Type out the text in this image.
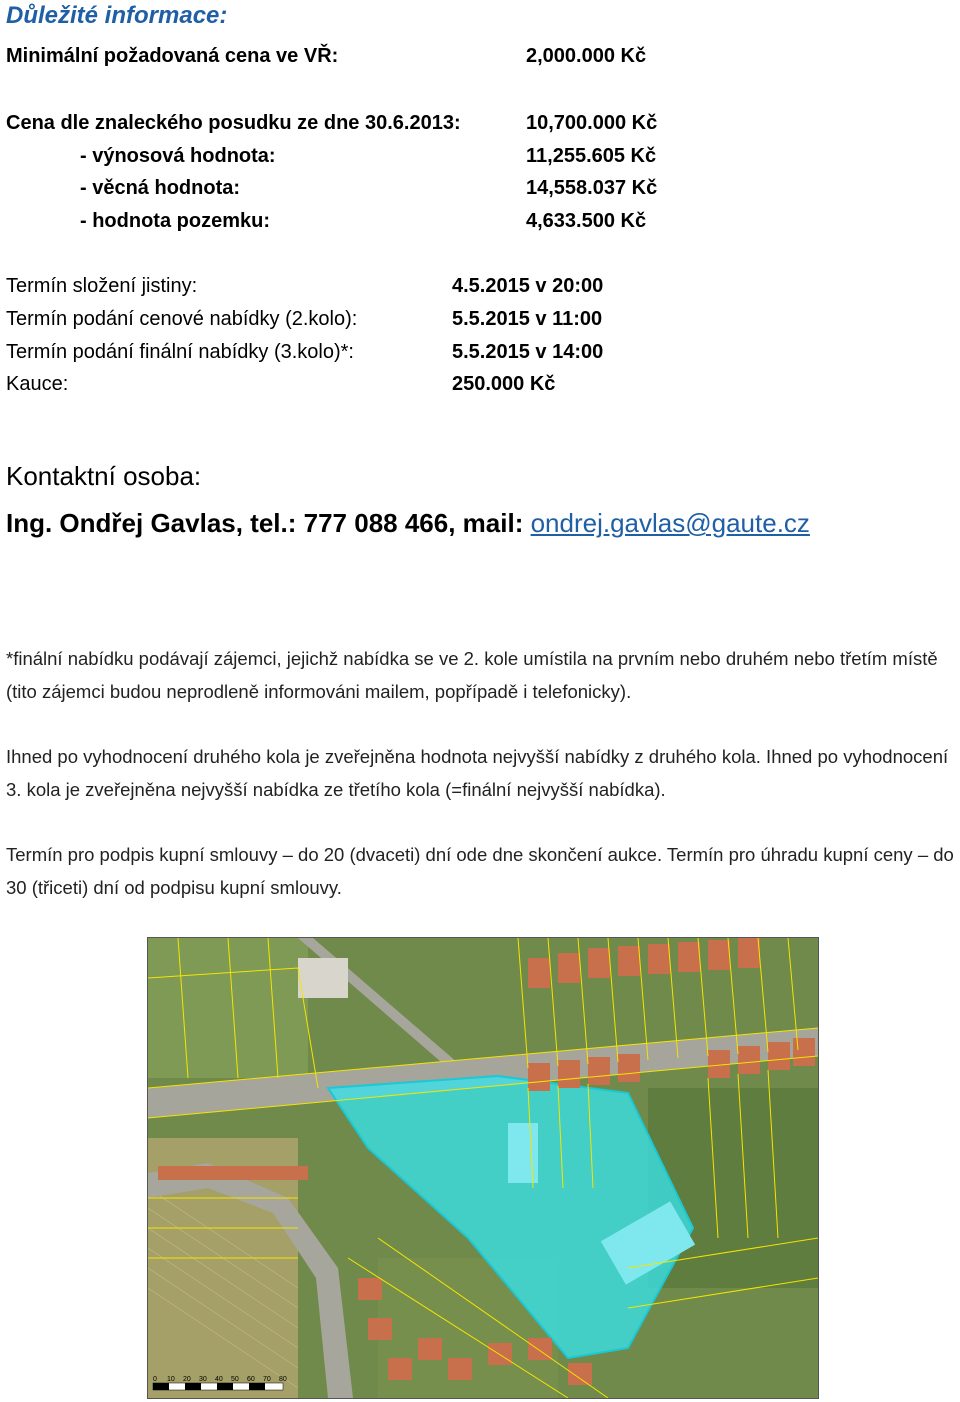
Důležité informace:
Minimální požadovaná cena ve VŘ:	2,000.000 Kč
Cena dle znaleckého posudku ze dne 30.6.2013:	10,700.000 Kč
- výnosová hodnota:	11,255.605 Kč
- věcná hodnota:	14,558.037 Kč
- hodnota pozemku:	4,633.500 Kč
Termín složení jistiny:	4.5.2015 v 20:00
Termín podání cenové nabídky (2.kolo):	5.5.2015 v 11:00
Termín podání finální nabídky (3.kolo)*:	5.5.2015 v 14:00
Kauce:	250.000 Kč
Kontaktní osoba:
Ing. Ondřej Gavlas, tel.: 777 088 466, mail: ondrej.gavlas@gaute.cz
*finální nabídku podávají zájemci, jejichž nabídka se ve 2. kole umístila na prvním nebo druhém nebo třetím místě (tito zájemci budou neprodleně informováni mailem, popřípadě i telefonicky).
Ihned po vyhodnocení druhého kola je zveřejněna hodnota nejvyšší nabídky z druhého kola. Ihned po vyhodnocení 3. kola je zveřejněna nejvyšší nabídka ze třetího kola (=finální nejvyšší nabídka).
Termín pro podpis kupní smlouvy – do 20 (dvaceti) dní ode dne skončení aukce. Termín pro úhradu kupní ceny – do 30 (třiceti) dní od podpisu kupní smlouvy.
0 10 20 30 40 50 60 70 80
